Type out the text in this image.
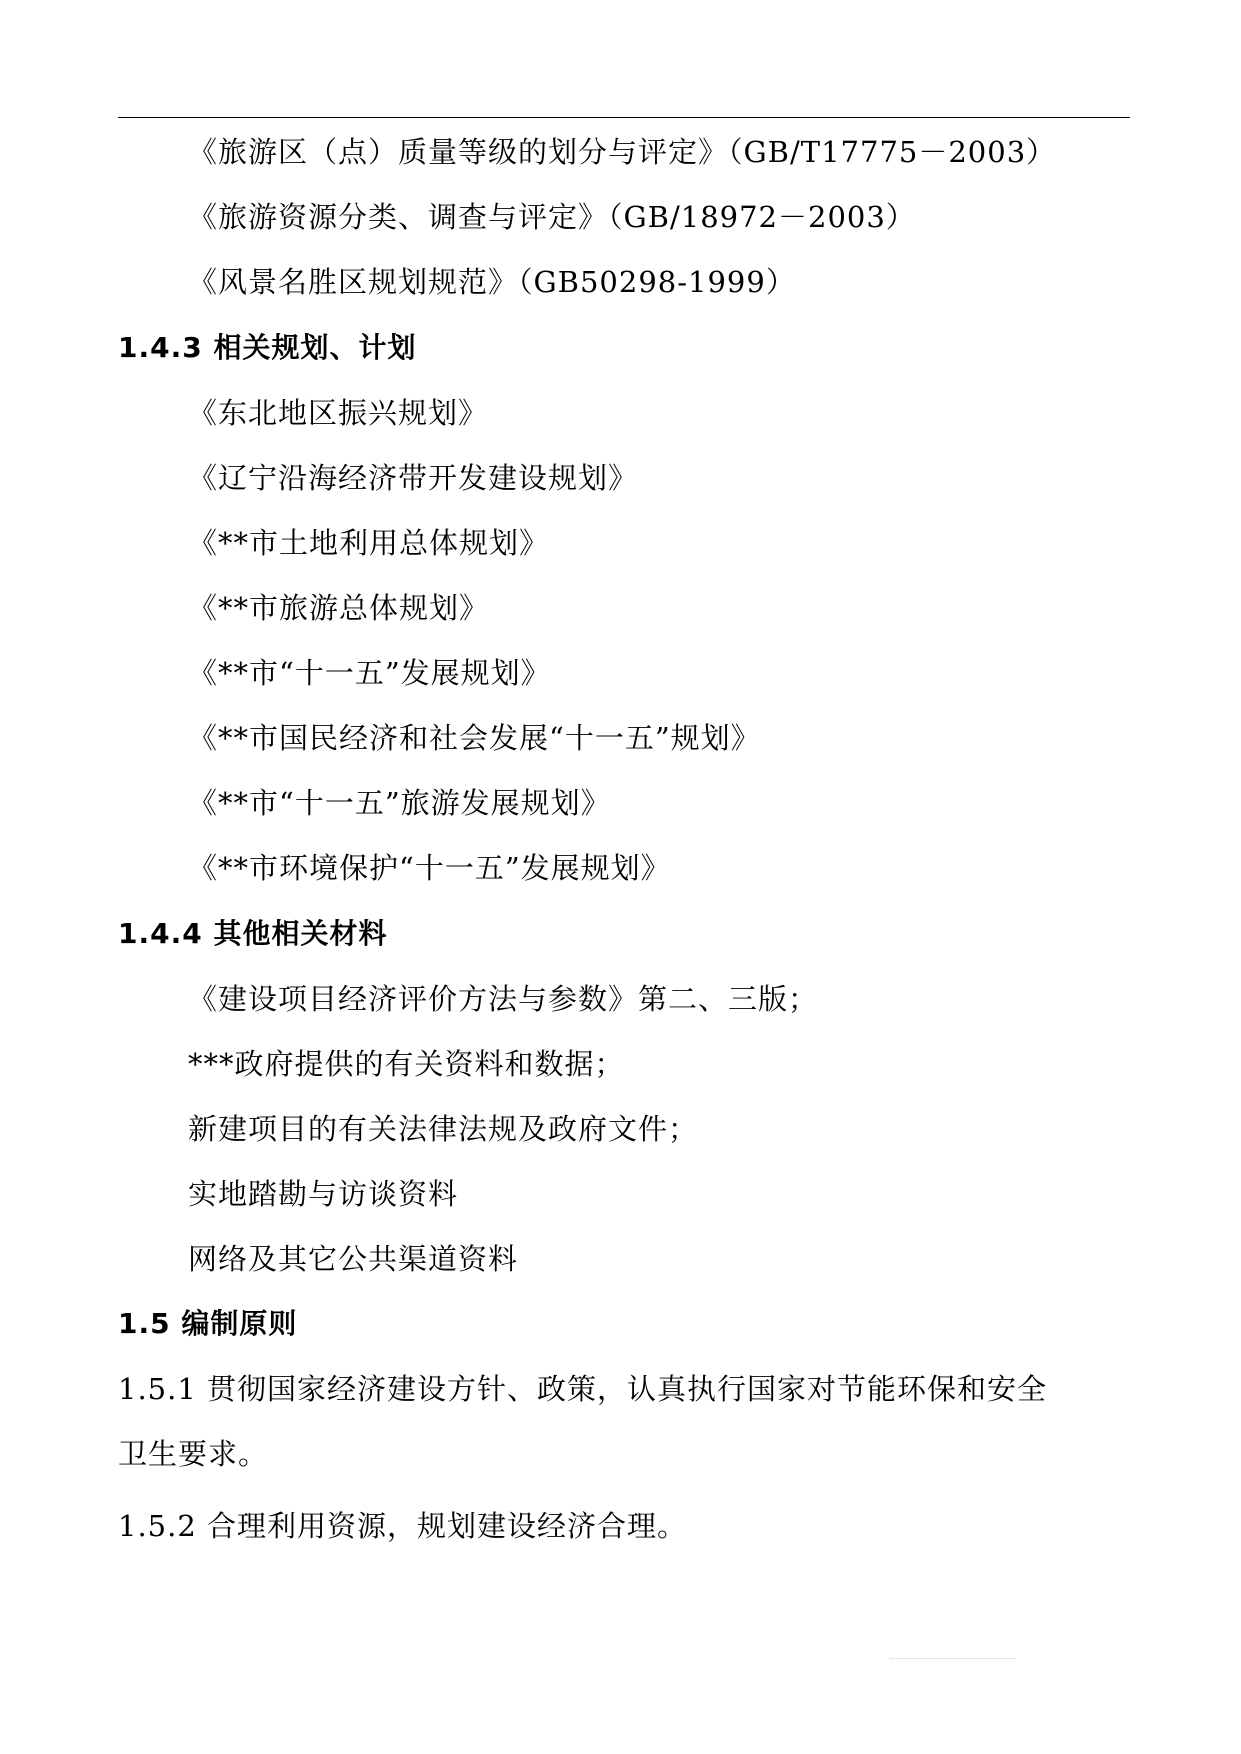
《旅游区（点）质量等级的划分与评定》（GB/T17775－2003）
《旅游资源分类、调查与评定》（GB/18972－2003）
《风景名胜区规划规范》（GB50298-1999）
1.4.3 相关规划、计划
《东北地区振兴规划》
《辽宁沿海经济带开发建设规划》
《**市土地利用总体规划》
《**市旅游总体规划》
《**市“十一五”发展规划》
《**市国民经济和社会发展“十一五”规划》
《**市“十一五”旅游发展规划》
《**市环境保护“十一五”发展规划》
1.4.4 其他相关材料
《建设项目经济评价方法与参数》第二、三版；
***政府提供的有关资料和数据；
新建项目的有关法律法规及政府文件；
实地踏勘与访谈资料
网络及其它公共渠道资料
1.5 编制原则
1.5.1 贯彻国家经济建设方针、政策，认真执行国家对节能环保和安全
卫生要求。
1.5.2 合理利用资源，规划建设经济合理。
